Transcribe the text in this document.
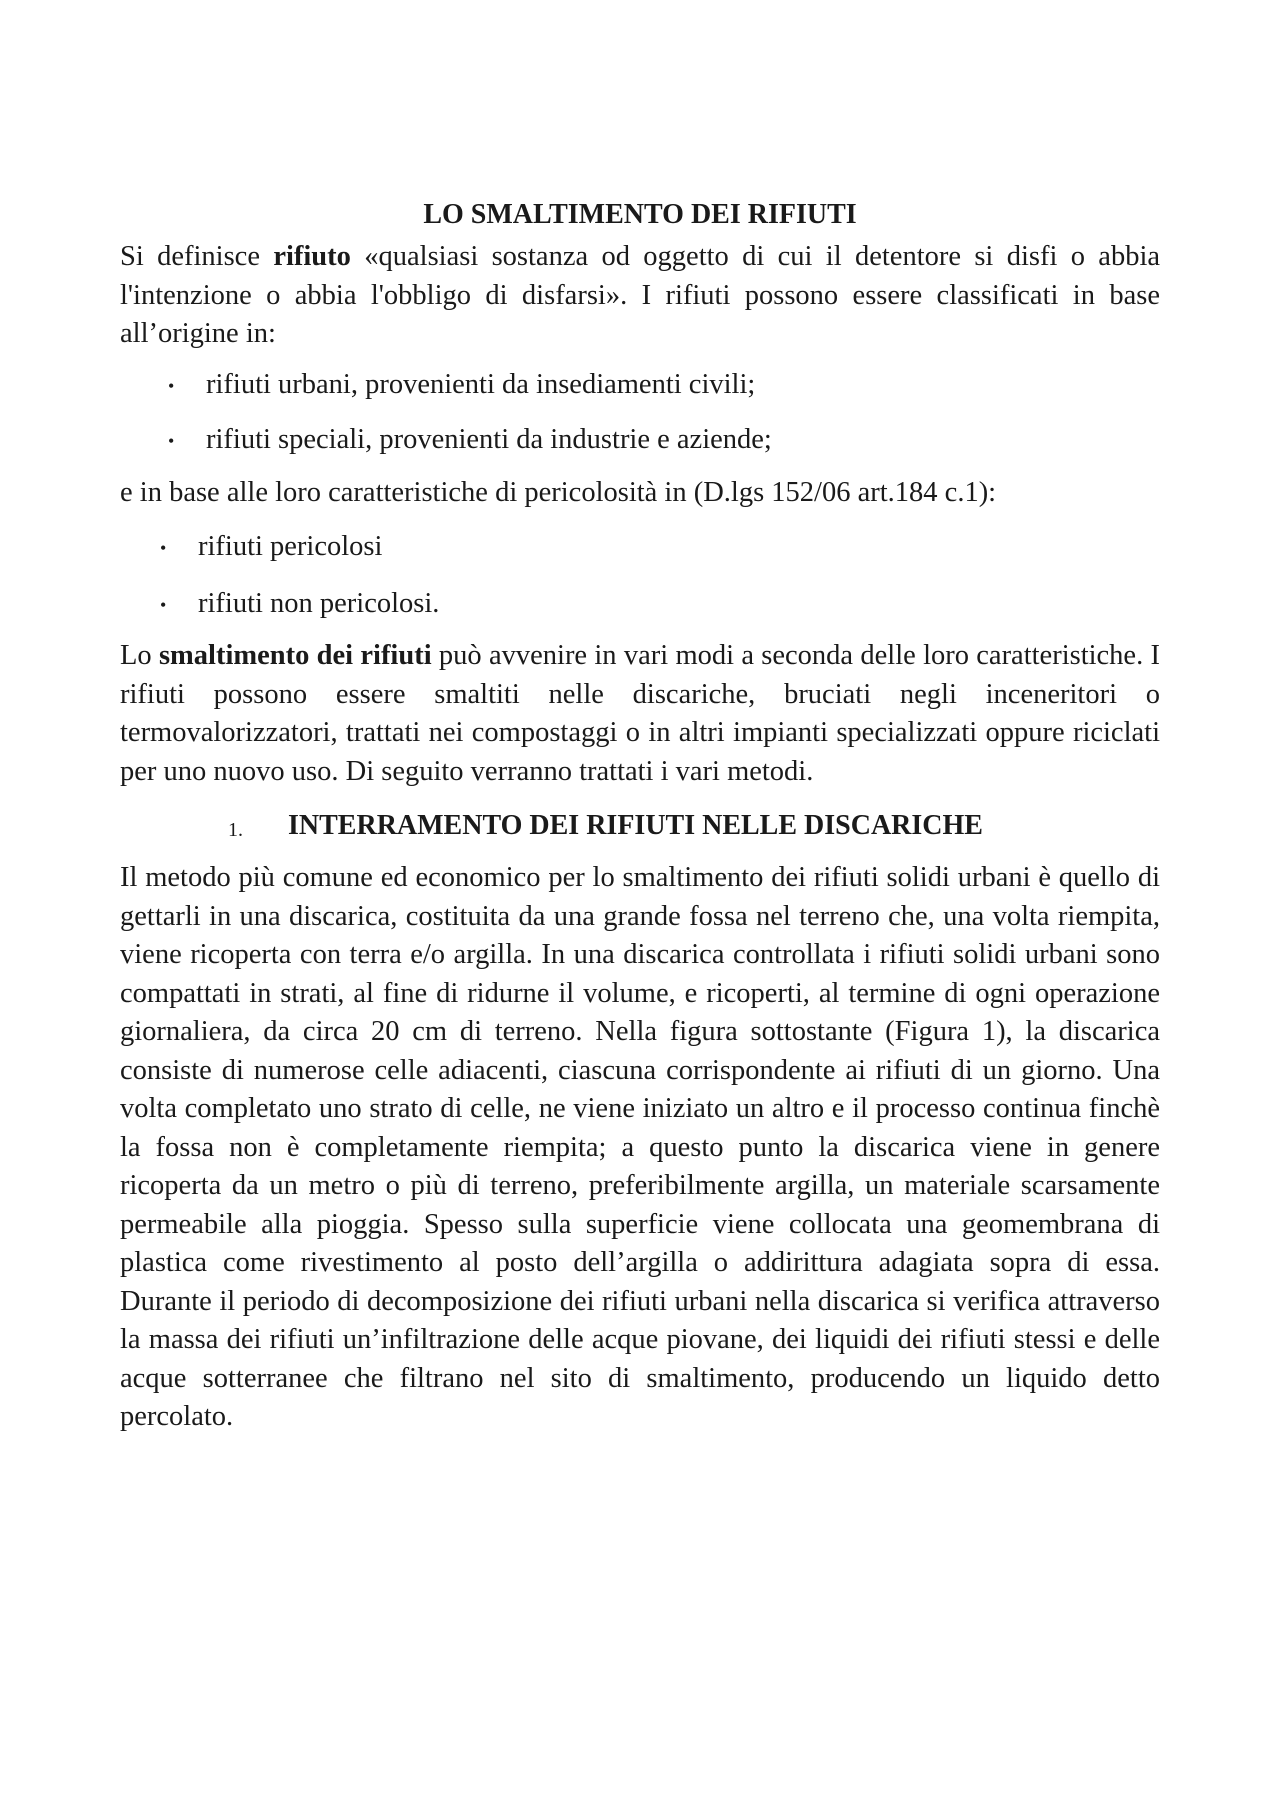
LO SMALTIMENTO DEI RIFIUTI

Si definisce rifiuto «qualsiasi sostanza od oggetto di cui il detentore si disfi o abbia l'intenzione o abbia l'obbligo di disfarsi». I rifiuti possono essere classificati in base all’origine in:

• rifiuti urbani, provenienti da insediamenti civili;
• rifiuti speciali, provenienti da industrie e aziende;

e in base alle loro caratteristiche di pericolosità in (D.lgs 152/06 art.184 c.1):

• rifiuti pericolosi
• rifiuti non pericolosi.

Lo smaltimento dei rifiuti può avvenire in vari modi a seconda delle loro caratteristiche. I rifiuti possono essere smaltiti nelle discariche, bruciati negli inceneritori o termovalorizzatori, trattati nei compostaggi o in altri impianti specializzati oppure riciclati per uno nuovo uso. Di seguito verranno trattati i vari metodi.

1. INTERRAMENTO DEI RIFIUTI NELLE DISCARICHE

Il metodo più comune ed economico per lo smaltimento dei rifiuti solidi urbani è quello di gettarli in una discarica, costituita da una grande fossa nel terreno che, una volta riempita, viene ricoperta con terra e/o argilla. In una discarica controllata i rifiuti solidi urbani sono compattati in strati, al fine di ridurne il volume, e ricoperti, al termine di ogni operazione giornaliera, da circa 20 cm di terreno. Nella figura sottostante (Figura 1), la discarica consiste di numerose celle adiacenti, ciascuna corrispondente ai rifiuti di un giorno. Una volta completato uno strato di celle, ne viene iniziato un altro e il processo continua finchè la fossa non è completamente riempita; a questo punto la discarica viene in genere ricoperta da un metro o più di terreno, preferibilmente argilla, un materiale scarsamente permeabile alla pioggia. Spesso sulla superficie viene collocata una geomembrana di plastica come rivestimento al posto dell’argilla o addirittura adagiata sopra di essa. Durante il periodo di decomposizione dei rifiuti urbani nella discarica si verifica attraverso la massa dei rifiuti un’infiltrazione delle acque piovane, dei liquidi dei rifiuti stessi e delle acque sotterranee che filtrano nel sito di smaltimento, producendo un liquido detto percolato.
